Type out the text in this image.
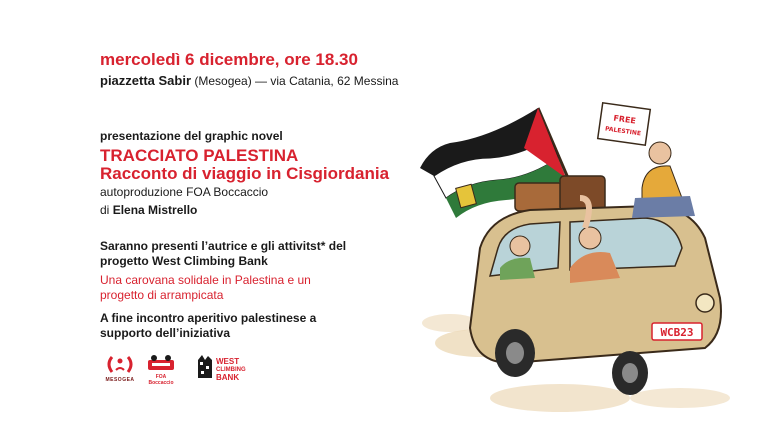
mercoledì 6 dicembre, ore 18.30
piazzetta Sabir (Mesogea) — via Catania, 62 Messina
presentazione del graphic novel
TRACCIATO PALESTINA
Racconto di viaggio in Cisgiordania
autoproduzione FOA Boccaccio
di Elena Mistrello
Saranno presenti l’autrice e gli attivitst* del progetto West Climbing Bank
Una carovana solidale in Palestina e un progetto di arrampicata
A fine incontro aperitivo palestinese a supporto dell’iniziativa
MESOGEA	FOA Boccaccio
WEST
CLIMBING
BANK
FREE
PALESTINE
WCB23
